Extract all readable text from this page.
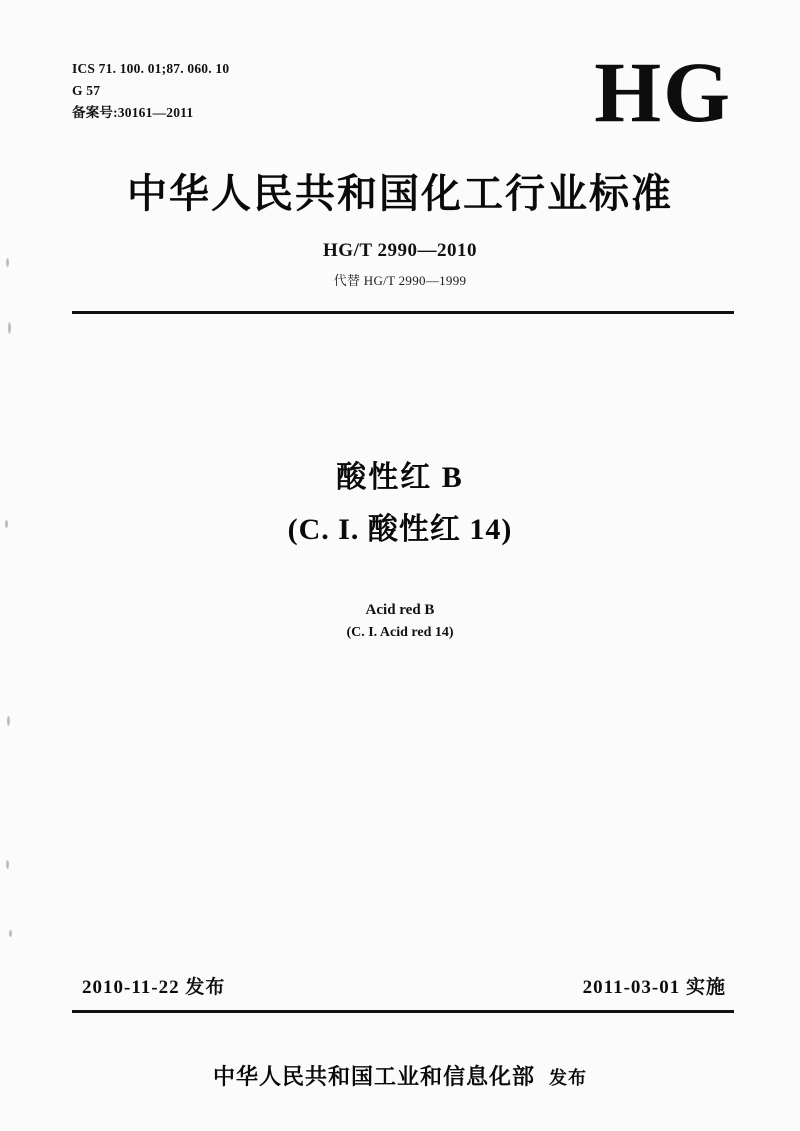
ICS 71. 100. 01;87. 060. 10
G 57
备案号:30161—2011	HG
中华人民共和国化工行业标准
HG/T 2990—2010
代替 HG/T 2990—1999
酸性红 B
(C. I. 酸性红 14)
Acid red B
(C. I. Acid red 14)
2010-11-22 发布	2011-03-01 实施
中华人民共和国工业和信息化部 发布
